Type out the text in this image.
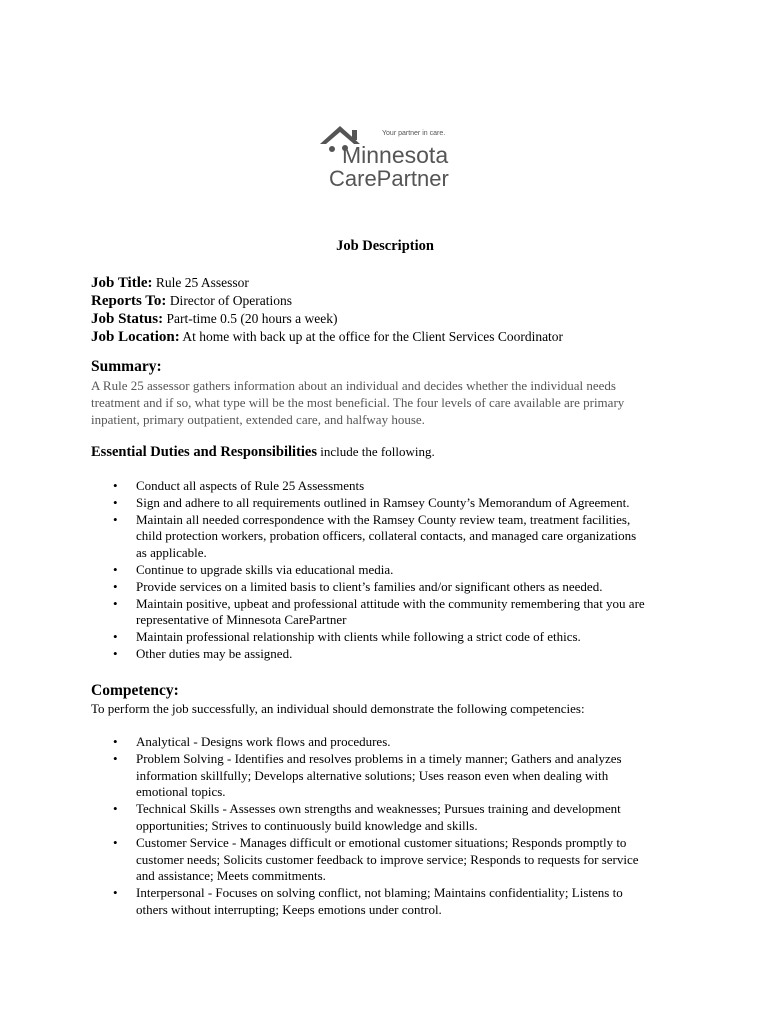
Your partner in care.
Minnesota
CarePartner
Job Description
Job Title: Rule 25 Assessor
Reports To: Director of Operations
Job Status: Part-time 0.5 (20 hours a week)
Job Location: At home with back up at the office for the Client Services Coordinator
Summary:
A Rule 25 assessor gathers information about an individual and decides whether the individual needs
treatment and if so, what type will be the most beneficial. The four levels of care available are primary
inpatient, primary outpatient, extended care, and halfway house.
Essential Duties and Responsibilities include the following.
• Conduct all aspects of Rule 25 Assessments
• Sign and adhere to all requirements outlined in Ramsey County’s Memorandum of Agreement.
• Maintain all needed correspondence with the Ramsey County review team, treatment facilities,
child protection workers, probation officers, collateral contacts, and managed care organizations
as applicable.
• Continue to upgrade skills via educational media.
• Provide services on a limited basis to client’s families and/or significant others as needed.
• Maintain positive, upbeat and professional attitude with the community remembering that you are
representative of Minnesota CarePartner
• Maintain professional relationship with clients while following a strict code of ethics.
• Other duties may be assigned.
Competency:
To perform the job successfully, an individual should demonstrate the following competencies:
• Analytical - Designs work flows and procedures.
• Problem Solving - Identifies and resolves problems in a timely manner; Gathers and analyzes
information skillfully; Develops alternative solutions; Uses reason even when dealing with
emotional topics.
• Technical Skills - Assesses own strengths and weaknesses; Pursues training and development
opportunities; Strives to continuously build knowledge and skills.
• Customer Service - Manages difficult or emotional customer situations; Responds promptly to
customer needs; Solicits customer feedback to improve service; Responds to requests for service
and assistance; Meets commitments.
• Interpersonal - Focuses on solving conflict, not blaming; Maintains confidentiality; Listens to
others without interrupting; Keeps emotions under control.
